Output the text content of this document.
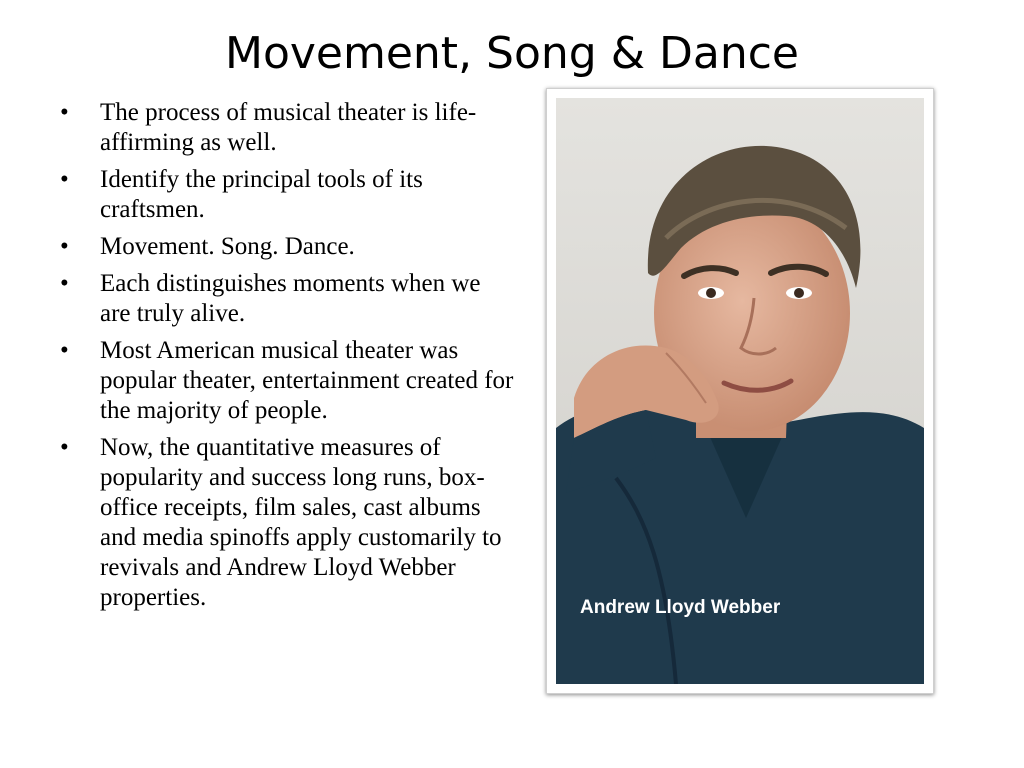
Movement, Song & Dance
• The process of musical theater is life-affirming as well.
• Identify the principal tools of its craftsmen.
• Movement. Song. Dance.
• Each distinguishes moments when we are truly alive.
• Most American musical theater was popular theater, entertainment created for the majority of people.
• Now, the quantitative measures of popularity and success long runs, box-office receipts, film sales, cast albums and media spinoffs apply customarily to revivals and Andrew Lloyd Webber properties.	Andrew Lloyd Webber
